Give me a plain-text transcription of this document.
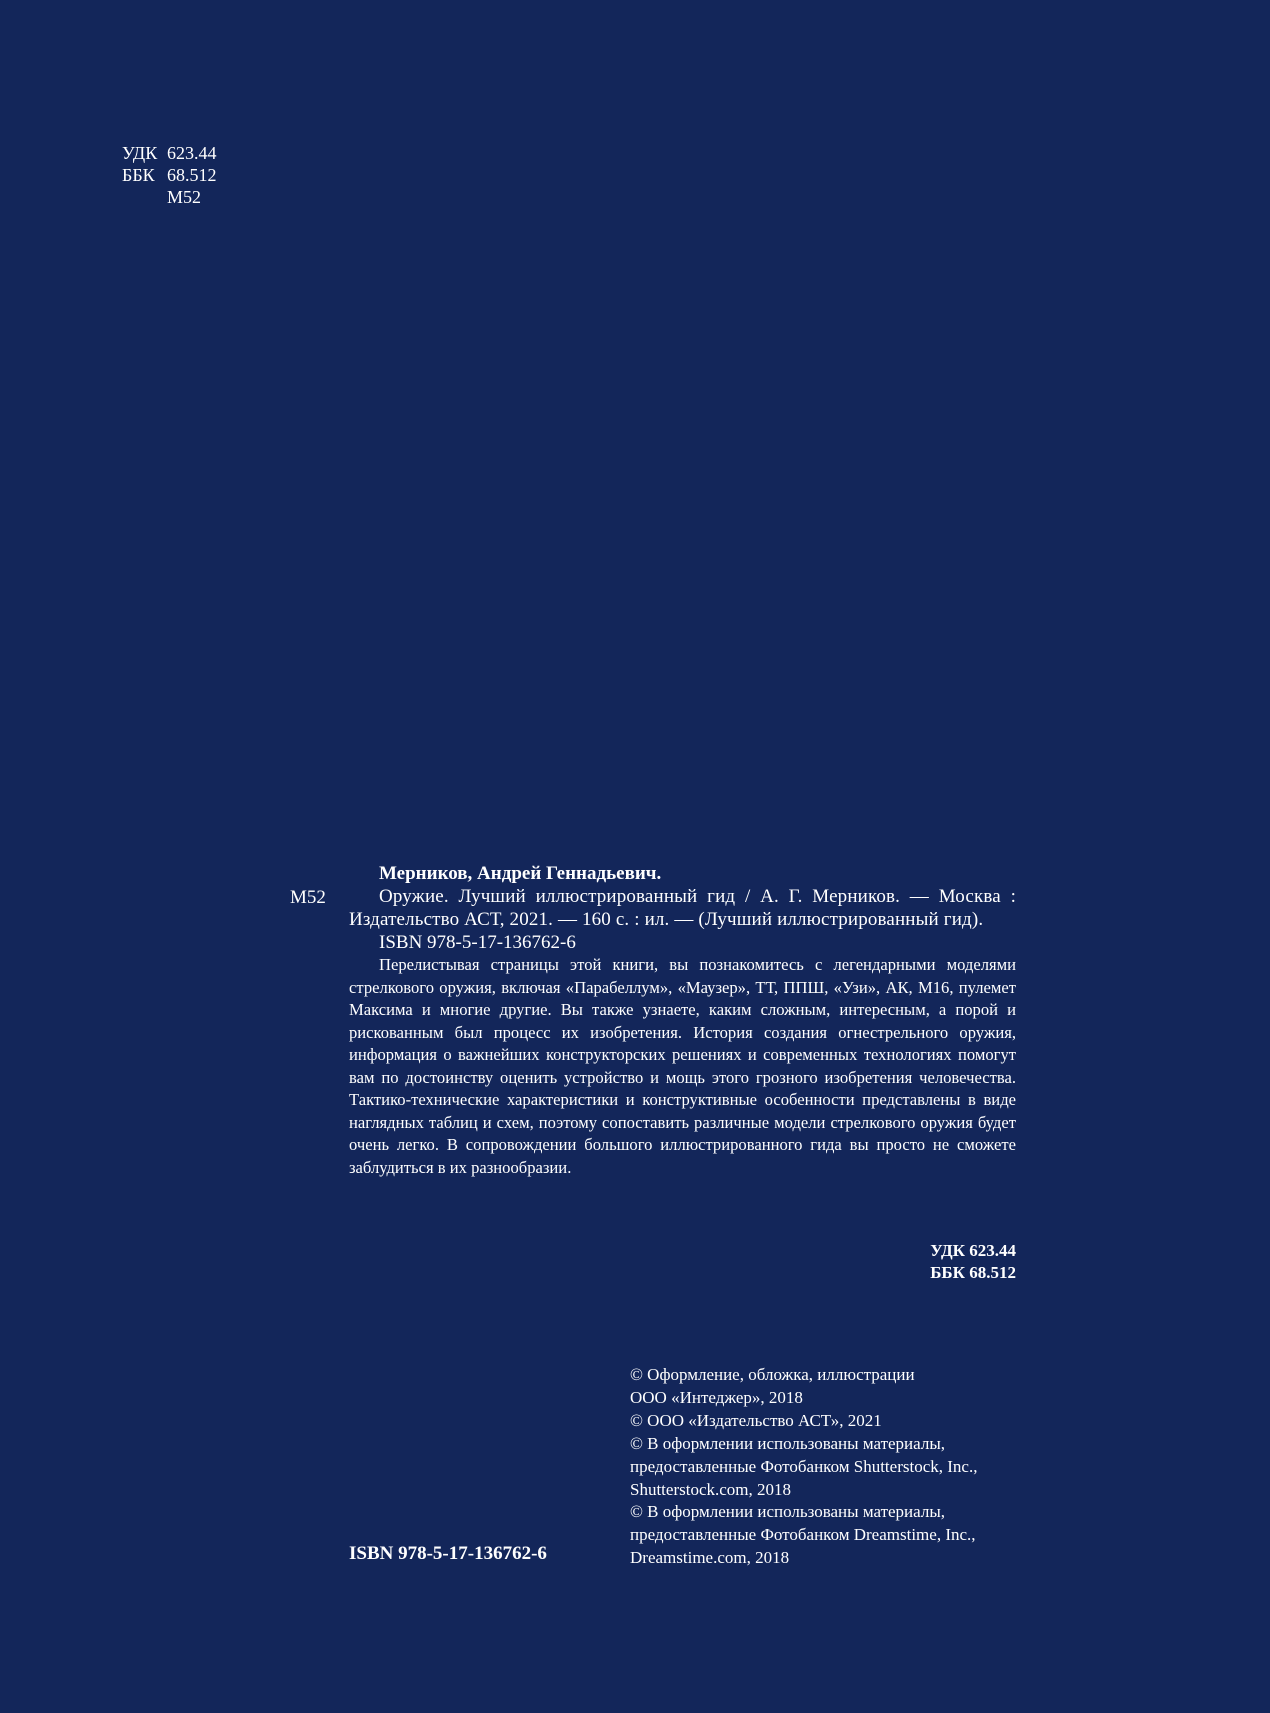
УДК 623.44
ББК 68.512
М52
М52

Мерников, Андрей Геннадьевич.

Оружие. Лучший иллюстрированный гид / А. Г. Мерников. — Москва : Издательство АСТ, 2021. — 160 с. : ил. — (Лучший иллюстрированный гид).

ISBN 978-5-17-136762-6

Перелистывая страницы этой книги, вы познакомитесь с легендарными моделями стрелкового оружия, включая «Парабеллум», «Маузер», ТТ, ППШ, «Узи», АК, М16, пулемет Максима и многие другие. Вы также узнаете, каким сложным, интересным, а порой и рискованным был процесс их изобретения. История создания огнестрельного оружия, информация о важнейших конструкторских решениях и современных технологиях помогут вам по достоинству оценить устройство и мощь этого грозного изобретения человечества. Тактико-технические характеристики и конструктивные особенности представлены в виде наглядных таблиц и схем, поэтому сопоставить различные модели стрелкового оружия будет очень легко. В сопровождении большого иллюстрированного гида вы просто не сможете заблудиться в их разнообразии.

УДК 623.44
ББК 68.512
ISBN 978-5-17-136762-6
© Оформление, обложка, иллюстрации
ООО «Интеджер», 2018
© ООО «Издательство АСТ», 2021
© В оформлении использованы материалы,
предоставленные Фотобанком Shutterstock, Inc.,
Shutterstock.com, 2018
© В оформлении использованы материалы,
предоставленные Фотобанком Dreamstime, Inc.,
Dreamstime.com, 2018
